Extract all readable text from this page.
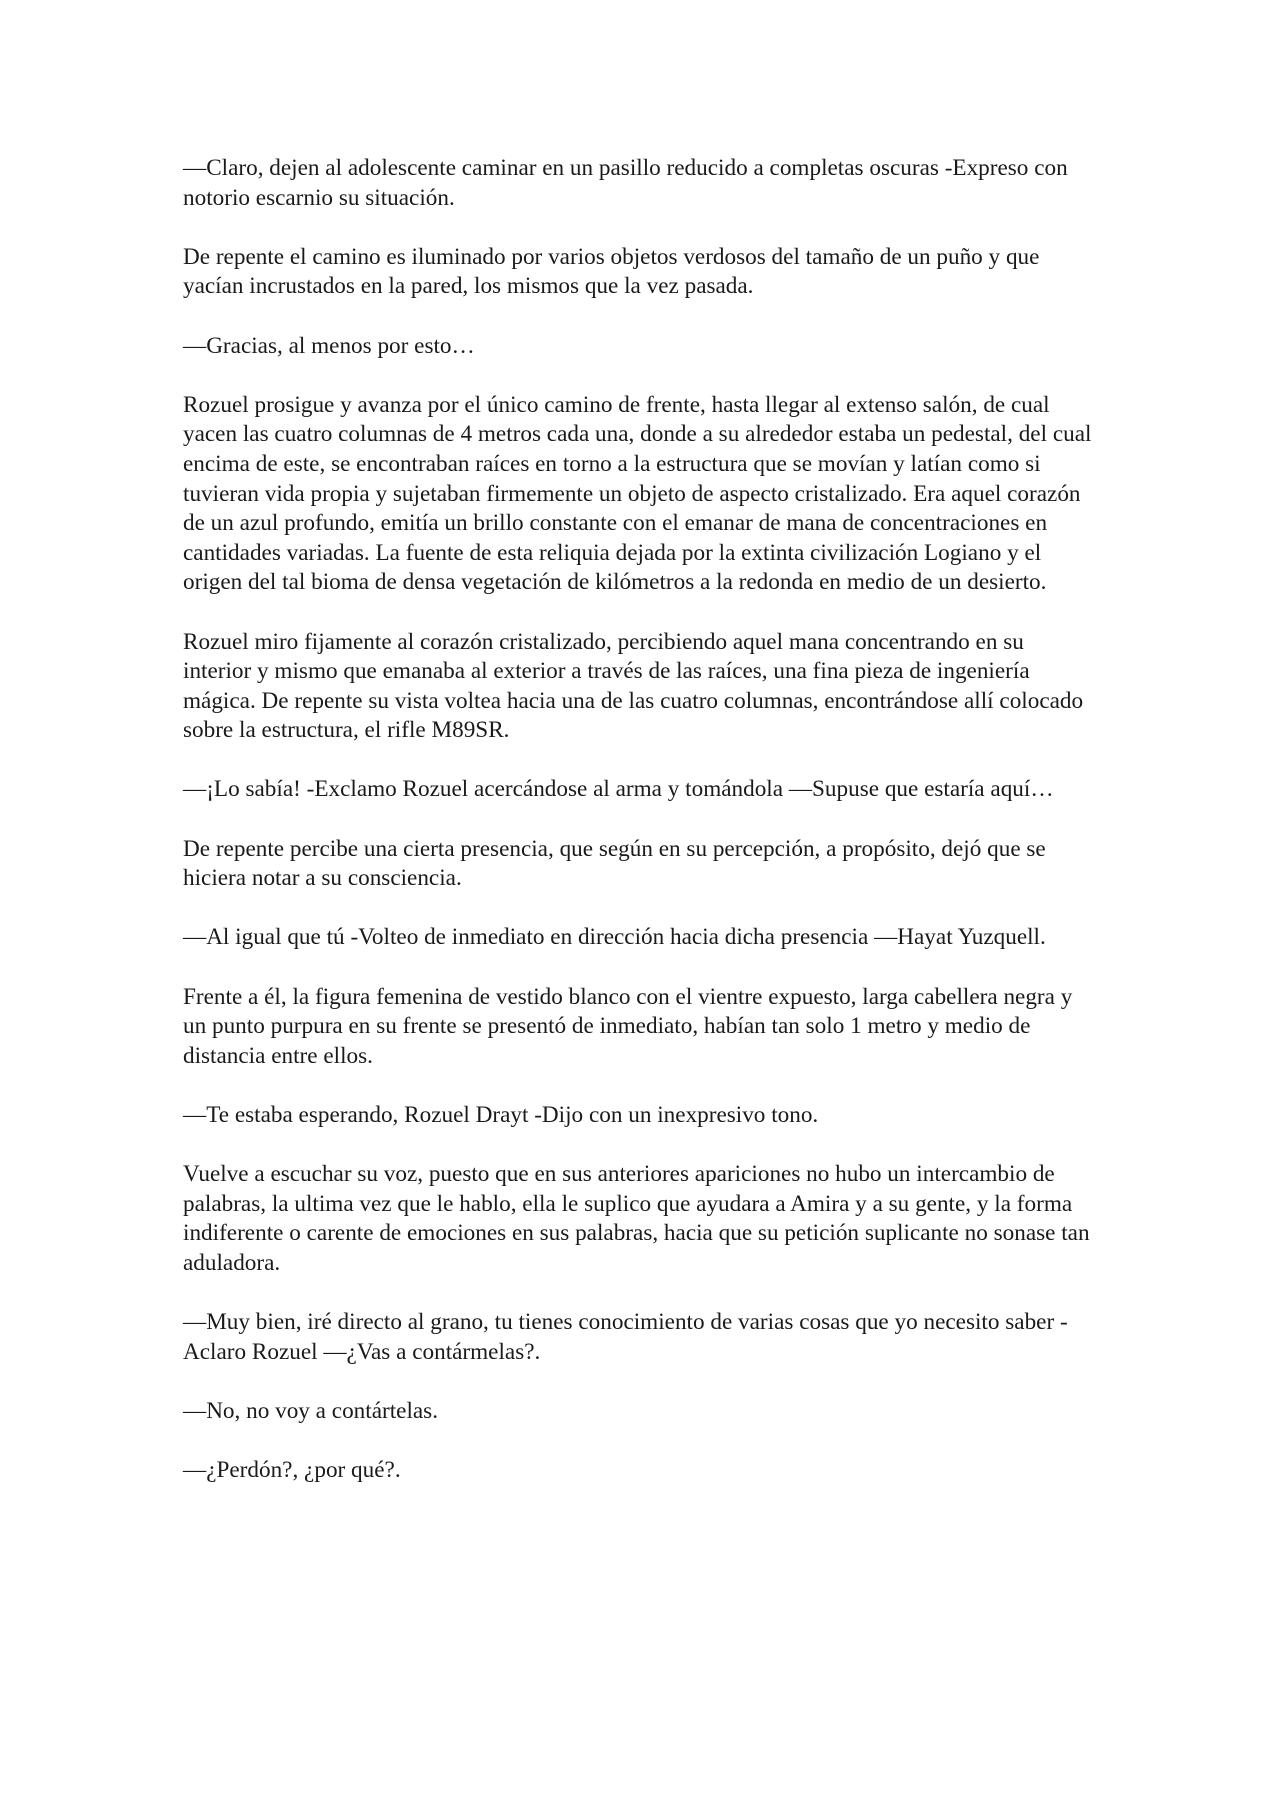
—Claro, dejen al adolescente caminar en un pasillo reducido a completas oscuras -Expreso con notorio escarnio su situación.

De repente el camino es iluminado por varios objetos verdosos del tamaño de un puño y que yacían incrustados en la pared, los mismos que la vez pasada.

—Gracias, al menos por esto…

Rozuel prosigue y avanza por el único camino de frente, hasta llegar al extenso salón, de cual yacen las cuatro columnas de 4 metros cada una, donde a su alrededor estaba un pedestal, del cual encima de este, se encontraban raíces en torno a la estructura que se movían y latían como si tuvieran vida propia y sujetaban firmemente un objeto de aspecto cristalizado. Era aquel corazón de un azul profundo, emitía un brillo constante con el emanar de mana de concentraciones en cantidades variadas. La fuente de esta reliquia dejada por la extinta civilización Logiano y el origen del tal bioma de densa vegetación de kilómetros a la redonda en medio de un desierto.

Rozuel miro fijamente al corazón cristalizado, percibiendo aquel mana concentrando en su interior y mismo que emanaba al exterior a través de las raíces, una fina pieza de ingeniería mágica. De repente su vista voltea hacia una de las cuatro columnas, encontrándose allí colocado sobre la estructura, el rifle M89SR.

—¡Lo sabía! -Exclamo Rozuel acercándose al arma y tomándola —Supuse que estaría aquí…

De repente percibe una cierta presencia, que según en su percepción, a propósito, dejó que se hiciera notar a su consciencia.

—Al igual que tú -Volteo de inmediato en dirección hacia dicha presencia —Hayat Yuzquell.

Frente a él, la figura femenina de vestido blanco con el vientre expuesto, larga cabellera negra y un punto purpura en su frente se presentó de inmediato, habían tan solo 1 metro y medio de distancia entre ellos.

—Te estaba esperando, Rozuel Drayt -Dijo con un inexpresivo tono.

Vuelve a escuchar su voz, puesto que en sus anteriores apariciones no hubo un intercambio de palabras, la ultima vez que le hablo, ella le suplico que ayudara a Amira y a su gente, y la forma indiferente o carente de emociones en sus palabras, hacia que su petición suplicante no sonase tan aduladora.

—Muy bien, iré directo al grano, tu tienes conocimiento de varias cosas que yo necesito saber -Aclaro Rozuel —¿Vas a contármelas?.

—No, no voy a contártelas.

—¿Perdón?, ¿por qué?.
